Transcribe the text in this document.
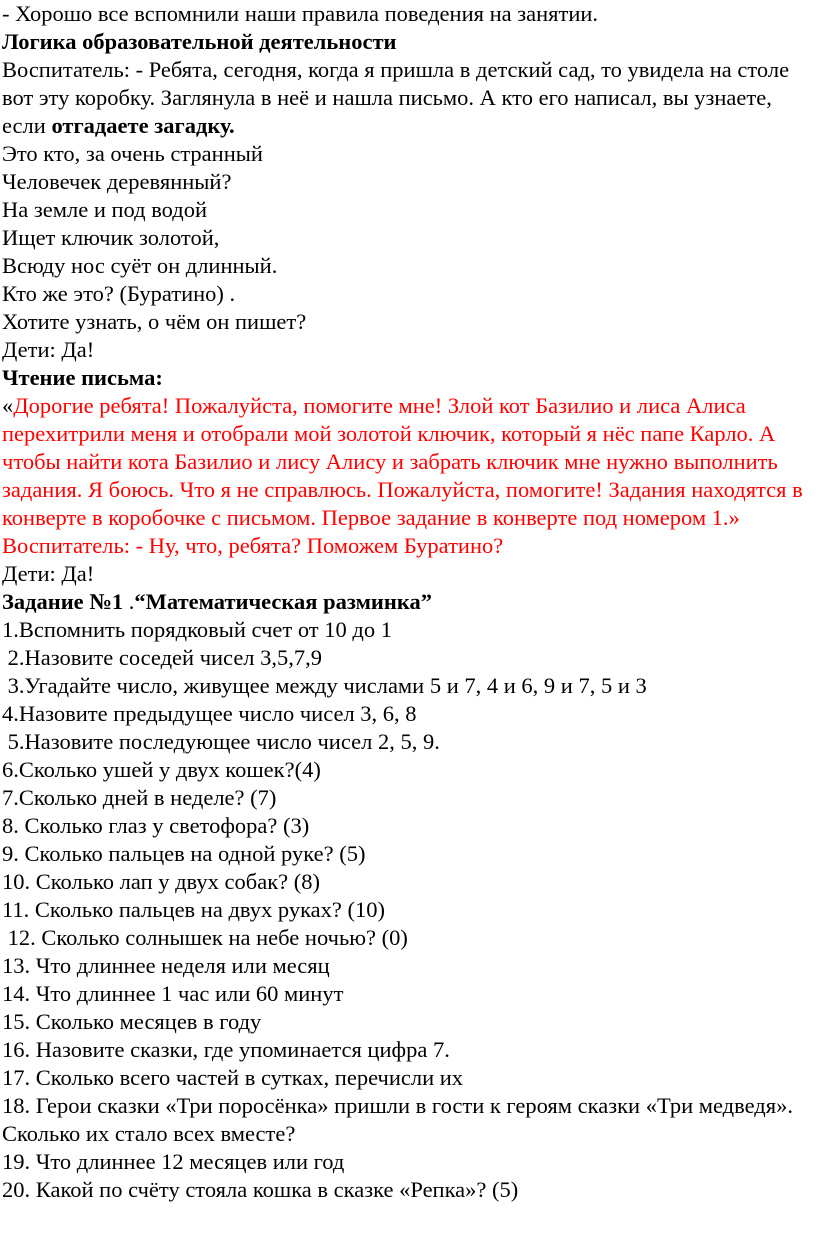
- Хорошо все вспомнили наши правила поведения на занятии.

Логика образовательной деятельности

Воспитатель: - Ребята, сегодня, когда я пришла в детский сад, то увидела на столе вот эту коробку. Заглянула в неё и нашла письмо. А кто его написал, вы узнаете, если отгадаете загадку.

Это кто, за очень странный

Человечек деревянный?

На земле и под водой

Ищет ключик золотой,

Всюду нос суёт он длинный.

Кто же это? (Буратино) .

Хотите узнать, о чём он пишет?

Дети: Да!

Чтение письма:

«Дорогие ребята! Пожалуйста, помогите мне! Злой кот Базилио и лиса Алиса перехитрили меня и отобрали мой золотой ключик, который я нёс папе Карло. А чтобы найти кота Базилио и лису Алису и забрать ключик мне нужно выполнить задания. Я боюсь. Что я не справлюсь. Пожалуйста, помогите! Задания находятся в конверте в коробочке с письмом. Первое задание в конверте под номером 1.»

Воспитатель: - Ну, что, ребята? Поможем Буратино?

Дети: Да!

Задание №1 .“Математическая разминка”

1.Вспомнить порядковый счет от 10 до 1

2.Назовите соседей чисел 3,5,7,9

3.Угадайте число, живущее между числами 5 и 7, 4 и 6, 9 и 7, 5 и 3

4.Назовите предыдущее число чисел 3, 6, 8

5.Назовите последующее число чисел 2, 5, 9.

6.Сколько ушей у двух кошек?(4)

7.Сколько дней в неделе? (7)

8. Сколько глаз у светофора? (3)

9. Сколько пальцев на одной руке? (5)

10. Сколько лап у двух собак? (8)

11. Сколько пальцев на двух руках? (10)

12. Сколько солнышек на небе ночью? (0)

13. Что длиннее неделя или месяц

14. Что длиннее 1 час или 60 минут

15. Сколько месяцев в году

16. Назовите сказки, где упоминается цифра 7.

17. Сколько всего частей в сутках, перечисли их

18. Герои сказки «Три поросёнка» пришли в гости к героям сказки «Три медведя». Сколько их стало всех вместе?

19. Что длиннее 12 месяцев или год

20. Какой по счёту стояла кошка в сказке «Репка»? (5)
